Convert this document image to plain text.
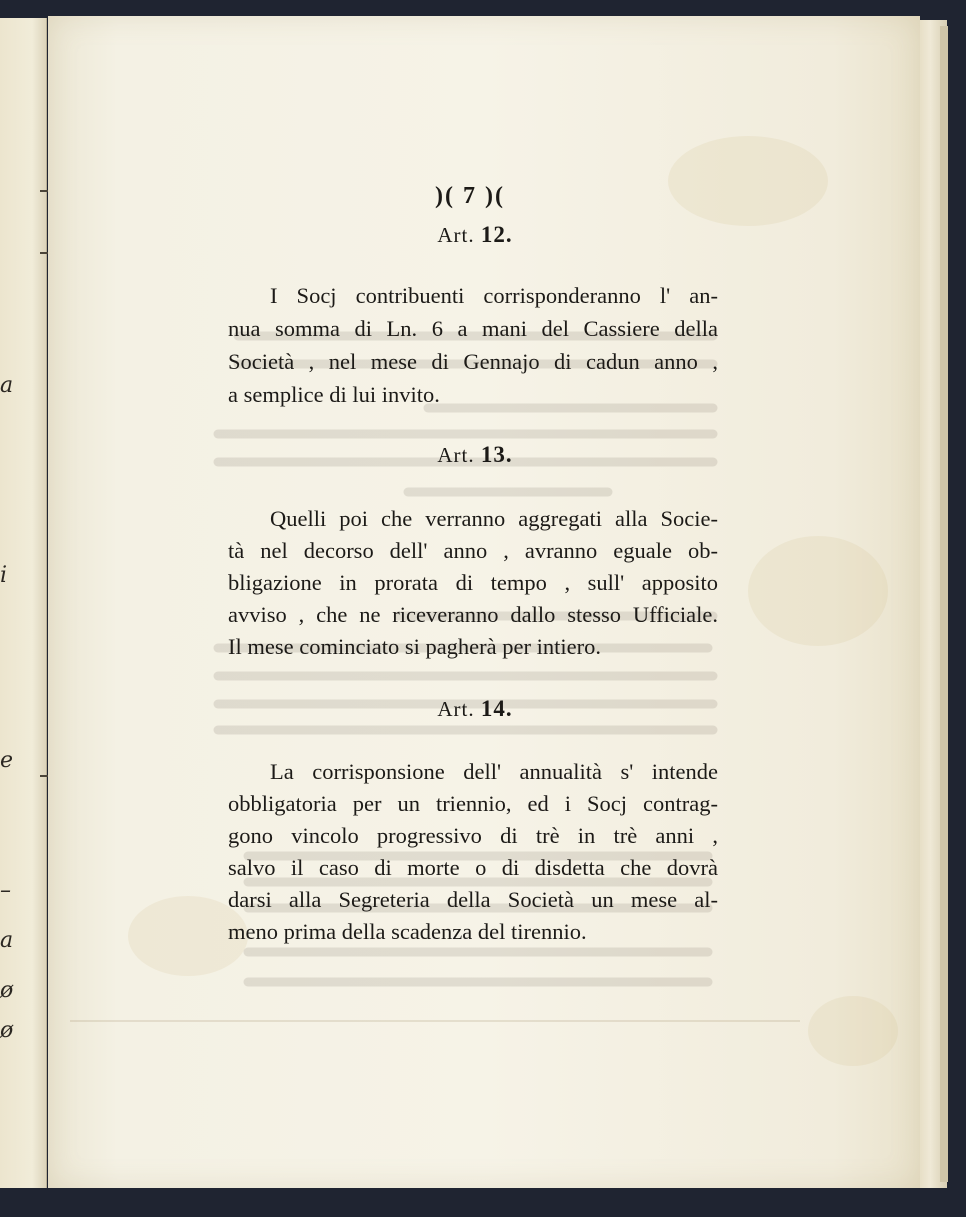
a
i
e
–
a
ø
ø
)( 7 )(
Art. 12.
I Socj contribuenti corrisponderanno l' an-
nua somma di Ln. 6 a mani del Cassiere della
Società , nel mese di Gennajo di cadun anno ,
a semplice di lui invito.
Art. 13.
Quelli poi che verranno aggregati alla Socie-
tà nel decorso dell' anno , avranno eguale ob-
bligazione in prorata di tempo , sull' apposito
avviso , che ne riceveranno dallo stesso Ufficiale.
Il mese cominciato si pagherà per intiero.
Art. 14.
La corrisponsione dell' annualità s' intende
obbligatoria per un triennio, ed i Socj contrag-
gono vincolo progressivo di trè in trè anni ,
salvo il caso di morte o di disdetta che dovrà
darsi alla Segreteria della Società un mese al-
meno prima della scadenza del tirennio.
